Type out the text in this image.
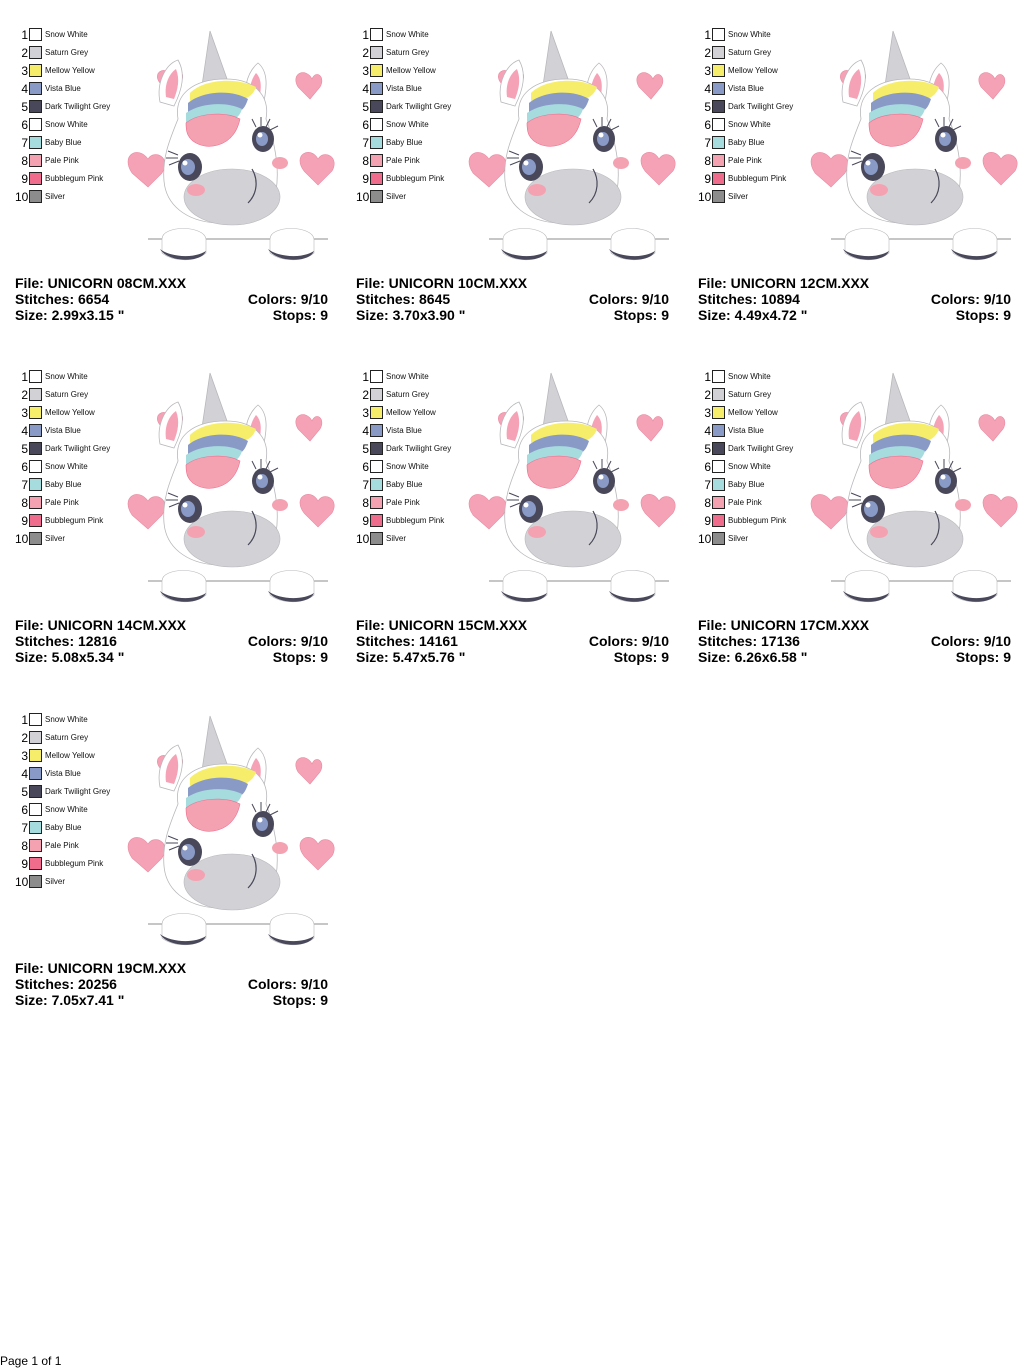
1 Snow White
2 Saturn Grey
3 Mellow Yellow
4 Vista Blue
5 Dark Twilight Grey
6 Snow White
7 Baby Blue
8 Pale Pink
9 Bubblegum Pink
10 Silver
File: UNICORN 08CM.XXX
Stitches: 6654	Colors: 9/10
Size: 2.99x3.15 "	Stops: 9
1 Snow White
2 Saturn Grey
3 Mellow Yellow
4 Vista Blue
5 Dark Twilight Grey
6 Snow White
7 Baby Blue
8 Pale Pink
9 Bubblegum Pink
10 Silver
File: UNICORN 10CM.XXX
Stitches: 8645	Colors: 9/10
Size: 3.70x3.90 "	Stops: 9
1 Snow White
2 Saturn Grey
3 Mellow Yellow
4 Vista Blue
5 Dark Twilight Grey
6 Snow White
7 Baby Blue
8 Pale Pink
9 Bubblegum Pink
10 Silver
File: UNICORN 12CM.XXX
Stitches: 10894	Colors: 9/10
Size: 4.49x4.72 "	Stops: 9
1 Snow White
2 Saturn Grey
3 Mellow Yellow
4 Vista Blue
5 Dark Twilight Grey
6 Snow White
7 Baby Blue
8 Pale Pink
9 Bubblegum Pink
10 Silver
File: UNICORN 14CM.XXX
Stitches: 12816	Colors: 9/10
Size: 5.08x5.34 "	Stops: 9
1 Snow White
2 Saturn Grey
3 Mellow Yellow
4 Vista Blue
5 Dark Twilight Grey
6 Snow White
7 Baby Blue
8 Pale Pink
9 Bubblegum Pink
10 Silver
File: UNICORN 15CM.XXX
Stitches: 14161	Colors: 9/10
Size: 5.47x5.76 "	Stops: 9
1 Snow White
2 Saturn Grey
3 Mellow Yellow
4 Vista Blue
5 Dark Twilight Grey
6 Snow White
7 Baby Blue
8 Pale Pink
9 Bubblegum Pink
10 Silver
File: UNICORN 17CM.XXX
Stitches: 17136	Colors: 9/10
Size: 6.26x6.58 "	Stops: 9
1 Snow White
2 Saturn Grey
3 Mellow Yellow
4 Vista Blue
5 Dark Twilight Grey
6 Snow White
7 Baby Blue
8 Pale Pink
9 Bubblegum Pink
10 Silver
File: UNICORN 19CM.XXX
Stitches: 20256	Colors: 9/10
Size: 7.05x7.41 "	Stops: 9
Page 1 of 1
